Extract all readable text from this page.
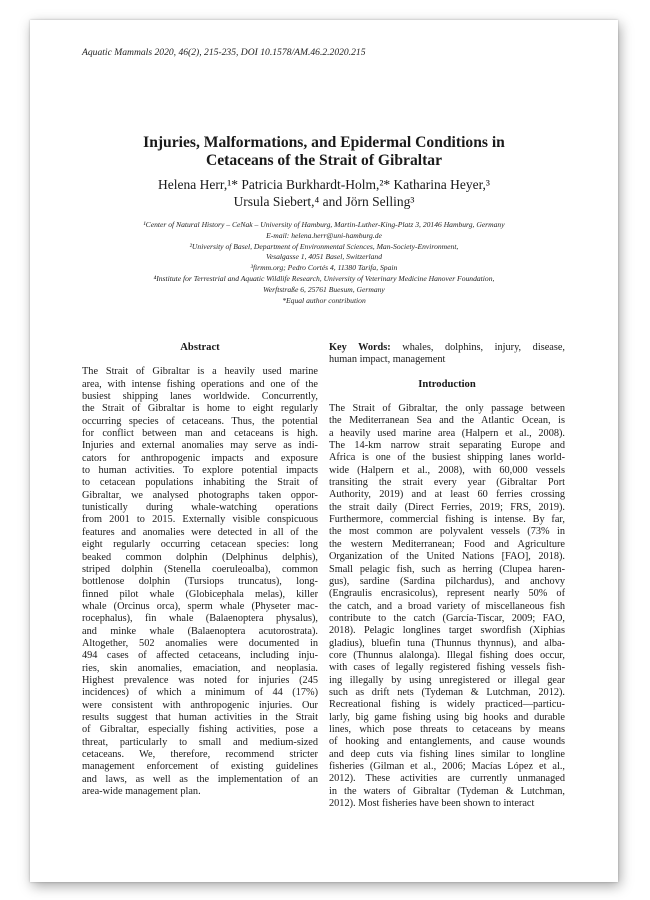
Aquatic Mammals 2020, 46(2), 215-235, DOI 10.1578/AM.46.2.2020.215
Injuries, Malformations, and Epidermal Conditions in
Cetaceans of the Strait of Gibraltar
Helena Herr,¹* Patricia Burkhardt-Holm,²* Katharina Heyer,³
Ursula Siebert,⁴ and Jörn Selling³
¹Center of Natural History – CeNak – University of Hamburg, Martin-Luther-King-Platz 3, 20146 Hamburg, Germany
E-mail: helena.herr@uni-hamburg.de
²University of Basel, Department of Environmental Sciences, Man-Society-Environment,
Vesalgasse 1, 4051 Basel, Switzerland
³firmm.org; Pedro Cortés 4, 11380 Tarifa, Spain
⁴Institute for Terrestrial and Aquatic Wildlife Research, University of Veterinary Medicine Hanover Foundation,
Werftstraße 6, 25761 Buesum, Germany
*Equal author contribution
Abstract
The Strait of Gibraltar is a heavily used marine
area, with intense fishing operations and one of the
busiest shipping lanes worldwide. Concurrently,
the Strait of Gibraltar is home to eight regularly
occurring species of cetaceans. Thus, the potential
for conflict between man and cetaceans is high.
Injuries and external anomalies may serve as indi-
cators for anthropogenic impacts and exposure
to human activities. To explore potential impacts
to cetacean populations inhabiting the Strait of
Gibraltar, we analysed photographs taken oppor-
tunistically during whale-watching operations
from 2001 to 2015. Externally visible conspicuous
features and anomalies were detected in all of the
eight regularly occurring cetacean species: long
beaked common dolphin (Delphinus delphis),
striped dolphin (Stenella coeruleoalba), common
bottlenose dolphin (Tursiops truncatus), long-
finned pilot whale (Globicephala melas), killer
whale (Orcinus orca), sperm whale (Physeter mac-
rocephalus), fin whale (Balaenoptera physalus),
and minke whale (Balaenoptera acutorostrata).
Altogether, 502 anomalies were documented in
494 cases of affected cetaceans, including inju-
ries, skin anomalies, emaciation, and neoplasia.
Highest prevalence was noted for injuries (245
incidences) of which a minimum of 44 (17%)
were consistent with anthropogenic injuries. Our
results suggest that human activities in the Strait
of Gibraltar, especially fishing activities, pose a
threat, particularly to small and medium-sized
cetaceans. We, therefore, recommend stricter
management enforcement of existing guidelines
and laws, as well as the implementation of an
area-wide management plan.
Key Words: whales, dolphins, injury, disease,
human impact, management
Introduction
The Strait of Gibraltar, the only passage between
the Mediterranean Sea and the Atlantic Ocean, is
a heavily used marine area (Halpern et al., 2008).
The 14-km narrow strait separating Europe and
Africa is one of the busiest shipping lanes world-
wide (Halpern et al., 2008), with 60,000 vessels
transiting the strait every year (Gibraltar Port
Authority, 2019) and at least 60 ferries crossing
the strait daily (Direct Ferries, 2019; FRS, 2019).
Furthermore, commercial fishing is intense. By far,
the most common are polyvalent vessels (73% in
the western Mediterranean; Food and Agriculture
Organization of the United Nations [FAO], 2018).
Small pelagic fish, such as herring (Clupea haren-
gus), sardine (Sardina pilchardus), and anchovy
(Engraulis encrasicolus), represent nearly 50% of
the catch, and a broad variety of miscellaneous fish
contribute to the catch (García-Tiscar, 2009; FAO,
2018). Pelagic longlines target swordfish (Xiphias
gladius), bluefin tuna (Thunnus thynnus), and alba-
core (Thunnus alalonga). Illegal fishing does occur,
with cases of legally registered fishing vessels fish-
ing illegally by using unregistered or illegal gear
such as drift nets (Tydeman & Lutchman, 2012).
Recreational fishing is widely practiced—particu-
larly, big game fishing using big hooks and durable
lines, which pose threats to cetaceans by means
of hooking and entanglements, and cause wounds
and deep cuts via fishing lines similar to longline
fisheries (Gilman et al., 2006; Macías López et al.,
2012). These activities are currently unmanaged
in the waters of Gibraltar (Tydeman & Lutchman,
2012). Most fisheries have been shown to interact
